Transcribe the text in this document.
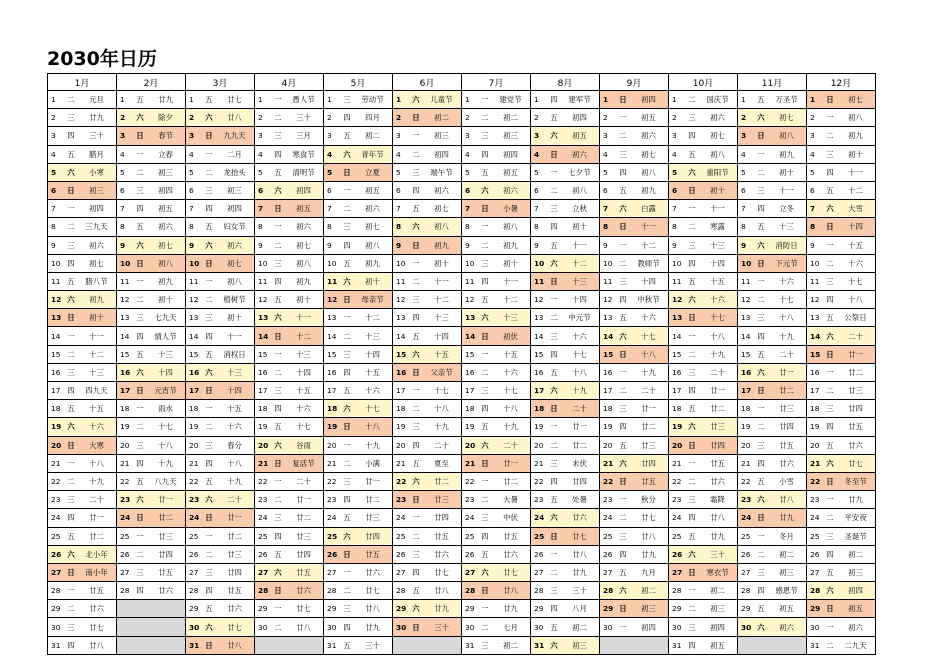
2030年日历
1月	2月	3月	4月	5月	6月	7月	8月	9月	10月	11月	12月

1 二 元旦	1 五 廿九	1 五 廿七	1 一 愚人节	1 三 劳动节	1 六 儿童节	1 一 建党节	1 四 建军节	1 日 初四	1 二 国庆节	1 五 万圣节	1 日 初七

2 三 廿九	2 六 除夕	2 六 廿八	2 二 三十	2 四 四月	2 日 初二	2 二 初二	2 五 初四	2 一 初五	2 三 初六	2 六 初七	2 一 初八

3 四 三十	3 日 春节	3 日 九九天	3 三 三月	3 五 初二	3 一 初三	3 三 初三	3 六 初五	3 二 初六	3 四 初七	3 日 初八	3 二 初九

4 五 腊月	4 一 立春	4 一 二月	4 四 寒食节	4 六 青年节	4 二 初四	4 四 初四	4 日 初六	4 三 初七	4 五 初八	4 一 初九	4 三 初十

5 六 小寒	5 二 初三	5 二 龙抬头	5 五 清明节	5 日 立夏	5 三 端午节	5 五 初五	5 一 七夕节	5 四 初八	5 六 重阳节	5 二 初十	5 四 十一

6 日 初三	6 三 初四	6 三 初三	6 六 初四	6 一 初五	6 四 初六	6 六 初六	6 二 初八	6 五 初九	6 日 初十	6 三 十一	6 五 十二

7 一 初四	7 四 初五	7 四 初四	7 日 初五	7 二 初六	7 五 初七	7 日 小暑	7 三 立秋	7 六 白露	7 一 十一	7 四 立冬	7 六 大雪

8 二 三九天	8 五 初六	8 五 妇女节	8 一 初六	8 三 初七	8 六 初八	8 一 初八	8 四 初十	8 日 十一	8 二 寒露	8 五 十三	8 日 十四

9 三 初六	9 六 初七	9 六 初六	9 二 初七	9 四 初八	9 日 初九	9 二 初九	9 五 十一	9 一 十二	9 三 十三	9 六 消防日	9 一 十五

10 四 初七	10 日 初八	10 日 初七	10 三 初八	10 五 初九	10 一 初十	10 三 初十	10 六 十二	10 二 教师节	10 四 十四	10 日 下元节	10 二 十六

11 五 腊八节	11 一 初九	11 一 初八	11 四 初九	11 六 初十	11 二 十一	11 四 十一	11 日 十三	11 三 十四	11 五 十五	11 一 十六	11 三 十七

12 六 初九	12 二 初十	12 二 植树节	12 五 初十	12 日 母亲节	12 三 十二	12 五 十二	12 一 十四	12 四 中秋节	12 六 十六	12 二 十七	12 四 十八

13 日 初十	13 三 七九天	13 三 初十	13 六 十一	13 一 十二	13 四 十三	13 六 十三	13 二 中元节	13 五 十六	13 日 十七	13 三 十八	13 五 公祭日

14 一 十一	14 四 情人节	14 四 十一	14 日 十二	14 二 十三	14 五 十四	14 日 初伏	14 三 十六	14 六 十七	14 一 十八	14 四 十九	14 六 二十

15 二 十二	15 五 十三	15 五 消权日	15 一 十三	15 三 十四	15 六 十五	15 一 十五	15 四 十七	15 日 十八	15 二 十九	15 五 二十	15 日 廿一

16 三 十三	16 六 十四	16 六 十三	16 二 十四	16 四 十五	16 日 父亲节	16 二 十六	16 五 十八	16 一 十九	16 三 二十	16 六 廿一	16 一 廿二

17 四 四九天	17 日 元宵节	17 日 十四	17 三 十五	17 五 十六	17 一 十七	17 三 十七	17 六 十九	17 二 二十	17 四 廿一	17 日 廿二	17 二 廿三

18 五 十五	18 一 雨水	18 一 十五	18 四 十六	18 六 十七	18 二 十八	18 四 十八	18 日 二十	18 三 廿一	18 五 廿二	18 一 廿三	18 三 廿四

19 六 十六	19 二 十七	19 二 十六	19 五 十七	19 日 十八	19 三 十九	19 五 十九	19 一 廿一	19 四 廿二	19 六 廿三	19 二 廿四	19 四 廿五

20 日 大寒	20 三 十八	20 三 春分	20 六 谷雨	20 一 十九	20 四 二十	20 六 二十	20 二 廿二	20 五 廿三	20 日 廿四	20 三 廿五	20 五 廿六

21 一 十八	21 四 十九	21 四 十八	21 日 复活节	21 二 小满	21 五 夏至	21 日 廿一	21 三 末伏	21 六 廿四	21 一 廿五	21 四 廿六	21 六 廿七

22 二 十九	22 五 八九天	22 五 十九	22 一 二十	22 三 廿一	22 六 廿二	22 一 廿二	22 四 廿四	22 日 廿五	22 二 廿六	22 五 小雪	22 日 冬至节

23 三 二十	23 六 廿一	23 六 二十	23 二 廿一	23 四 廿二	23 日 廿三	23 二 大暑	23 五 处暑	23 一 秋分	23 三 霜降	23 六 廿八	23 一 廿九

24 四 廿一	24 日 廿二	24 日 廿一	24 三 廿二	24 五 廿三	24 一 廿四	24 三 中伏	24 六 廿六	24 二 廿七	24 四 廿八	24 日 廿九	24 二 平安夜

25 五 廿二	25 一 廿三	25 一 廿二	25 四 廿三	25 六 廿四	25 二 廿五	25 四 廿五	25 日 廿七	25 三 廿八	25 五 廿九	25 一 冬月	25 三 圣诞节

26 六 北小年	26 二 廿四	26 二 廿三	26 五 廿四	26 日 廿五	26 三 廿六	26 五 廿六	26 一 廿八	26 四 廿九	26 六 三十	26 二 初二	26 四 初二

27 日 南小年	27 三 廿五	27 三 廿四	27 六 廿五	27 一 廿六	27 四 廿七	27 六 廿七	27 二 廿九	27 五 九月	27 日 寒衣节	27 三 初三	27 五 初三

28 一 廿五	28 四 廿六	28 四 廿五	28 日 廿六	28 二 廿七	28 五 廿八	28 日 廿八	28 三 三十	28 六 初二	28 一 初二	28 四 感恩节	28 六 初四

29 二 廿六		29 五 廿六	29 一 廿七	29 三 廿八	29 六 廿九	29 一 廿九	29 四 八月	29 日 初三	29 二 初三	29 五 初五	29 日 初五

30 三 廿七		30 六 廿七	30 二 廿八	30 四 廿九	30 日 三十	30 二 七月	30 五 初二	30 一 初四	30 三 初四	30 六 初六	30 一 初六

31 四 廿八		31 日 廿八		31 五 三十		31 三 初二	31 六 初三		31 四 初五		31 二 二九天
